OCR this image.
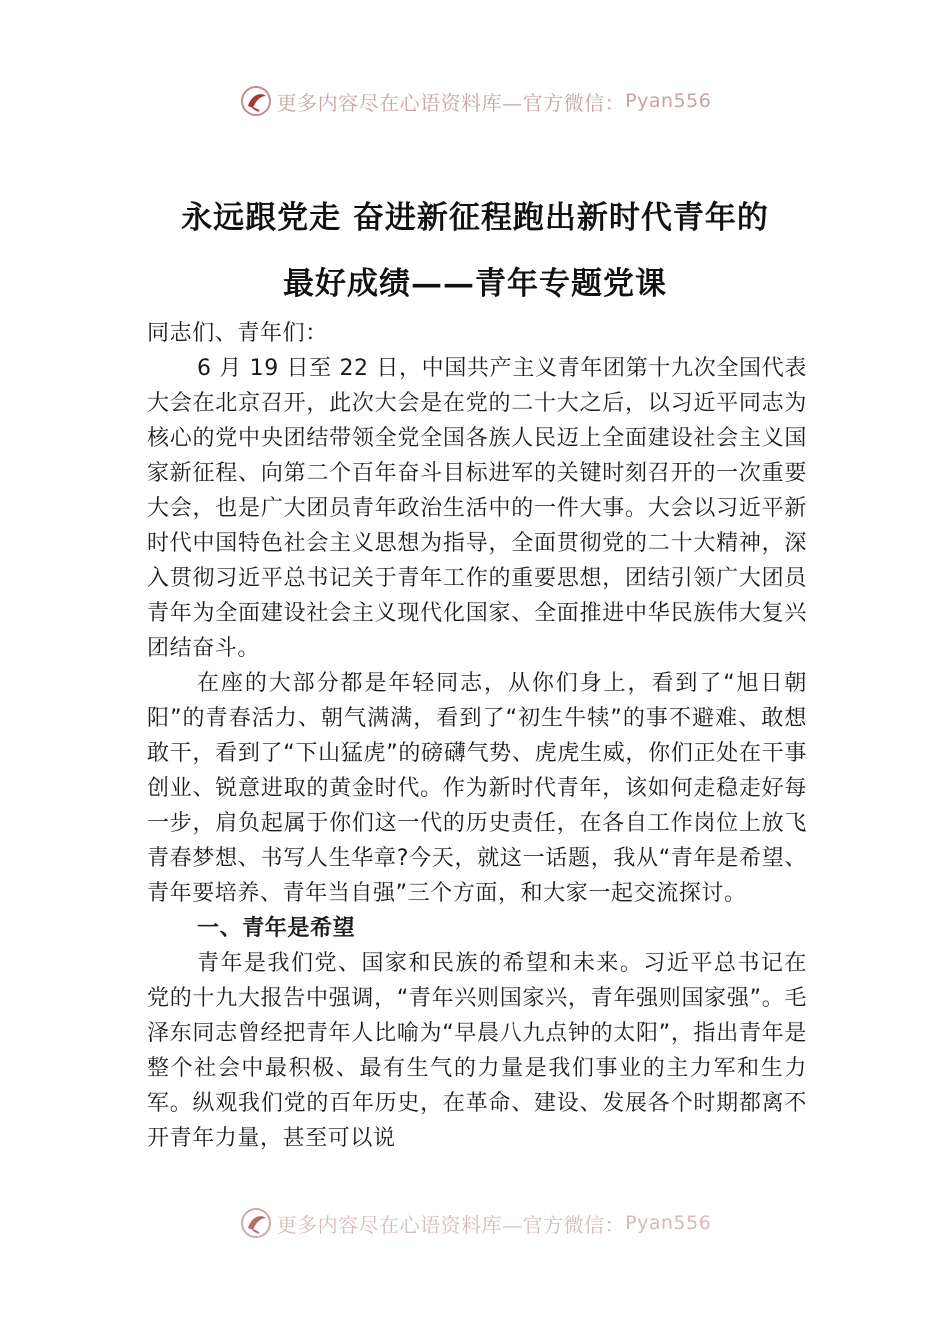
更多内容尽在心语资料库—官方微信： Pyan556
永远跟党走 奋进新征程跑出新时代青年的
最好成绩——青年专题党课

同志们、青年们：

6 月 19 日至 22 日，中国共产主义青年团第十九次全国代表大会在北京召开，此次大会是在党的二十大之后，以习近平同志为核心的党中央团结带领全党全国各族人民迈上全面建设社会主义国家新征程、向第二个百年奋斗目标进军的关键时刻召开的一次重要大会，也是广大团员青年政治生活中的一件大事。大会以习近平新时代中国特色社会主义思想为指导，全面贯彻党的二十大精神，深入贯彻习近平总书记关于青年工作的重要思想，团结引领广大团员青年为全面建设社会主义现代化国家、全面推进中华民族伟大复兴团结奋斗。

在座的大部分都是年轻同志，从你们身上，看到了“旭日朝阳”的青春活力、朝气满满，看到了“初生牛犊”的事不避难、敢想敢干，看到了“下山猛虎”的磅礴气势、虎虎生威，你们正处在干事创业、锐意进取的黄金时代。作为新时代青年，该如何走稳走好每一步，肩负起属于你们这一代的历史责任，在各自工作岗位上放飞青春梦想、书写人生华章?今天，就这一话题，我从“青年是希望、青年要培养、青年当自强”三个方面，和大家一起交流探讨。

一、青年是希望

青年是我们党、国家和民族的希望和未来。习近平总书记在党的十九大报告中强调，“青年兴则国家兴，青年强则国家强”。毛泽东同志曾经把青年人比喻为“早晨八九点钟的太阳”，指出青年是整个社会中最积极、最有生气的力量是我们事业的主力军和生力军。纵观我们党的百年历史，在革命、建设、发展各个时期都离不开青年力量，甚至可以说

更多内容尽在心语资料库—官方微信： Pyan556
